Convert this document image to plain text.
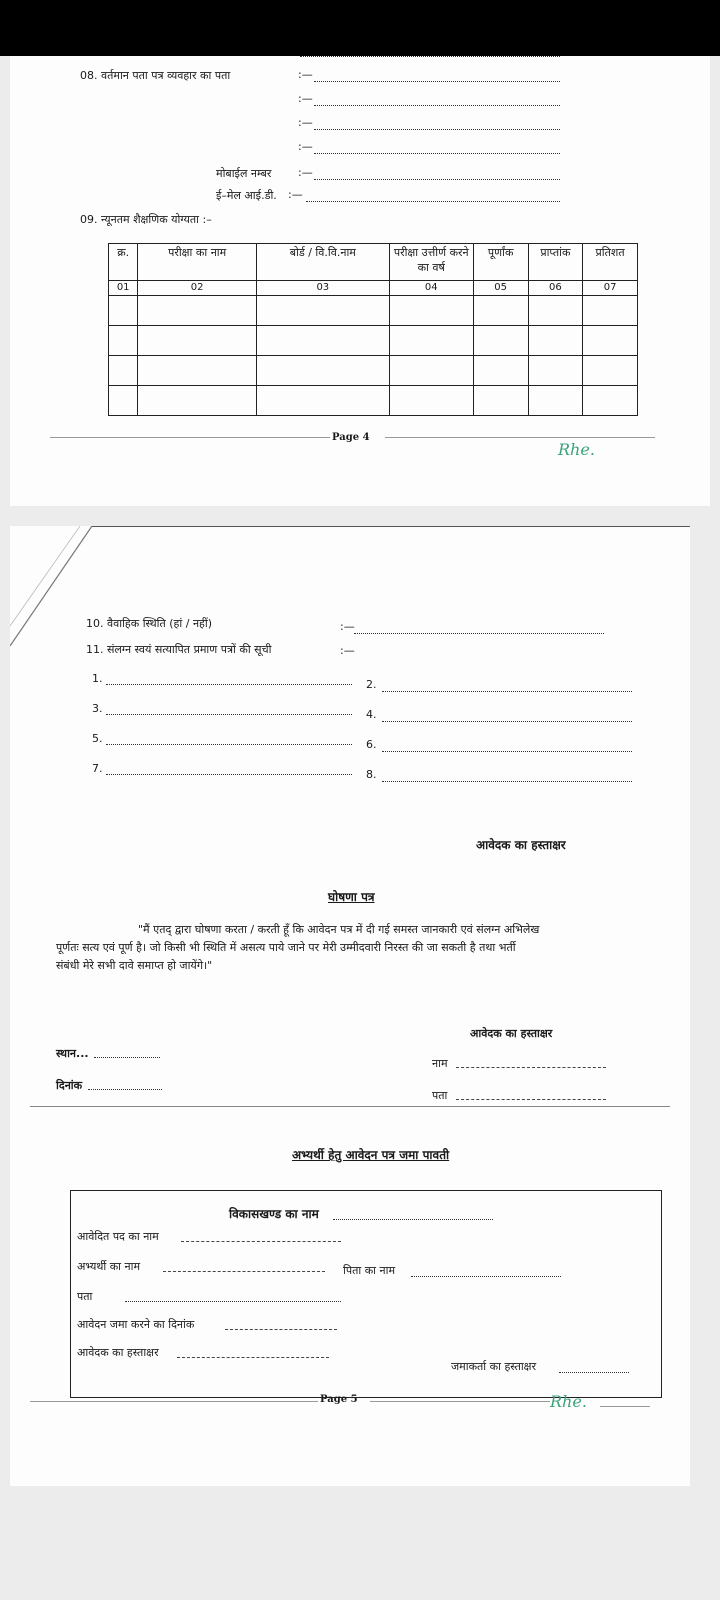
08. वर्तमान पता पत्र व्यवहार का पता	:—
:—
:—
:—
मोबाईल नम्बर :—
ई–मेल आई.डी. :—
09. न्यूनतम शैक्षणिक योग्यता :–
क्र.	परीक्षा का नाम	बोर्ड / वि.वि.नाम	परीक्षा उत्तीर्ण करने का वर्ष	पूर्णांक	प्राप्तांक	प्रतिशत
01	02	03	04	05	06	07

Page 4
Rhe.
10. वैवाहिक स्थिति (हां / नहीं)	:—
11. संलग्न स्वयं सत्यापित प्रमाण पत्रों की सूची	:—
1.	2.
3.	4.
5.	6.
7.	8.
आवेदक का हस्ताक्षर
घोषणा पत्र
"मैं एतद् द्वारा घोषणा करता / करती हूँ कि आवेदन पत्र में दी गई समस्त जानकारी एवं संलग्न अभिलेख
पूर्णतः सत्य एवं पूर्ण है। जो किसी भी स्थिति में असत्य पाये जाने पर मेरी उम्मीदवारी निरस्त की जा सकती है तथा भर्ती
संबंधी मेरे सभी दावे समाप्त हो जायेंगे।"
आवेदक का हस्ताक्षर
स्थान...
नाम
दिनांक
पता
अभ्यर्थी हेतु आवेदन पत्र जमा पावती
विकासखण्ड का नाम
आवेदित पद का नाम
अभ्यर्थी का नाम	पिता का नाम
पता
आवेदन जमा करने का दिनांक
आवेदक का हस्ताक्षर
जमाकर्ता का हस्ताक्षर
Page 5	Rhe.
